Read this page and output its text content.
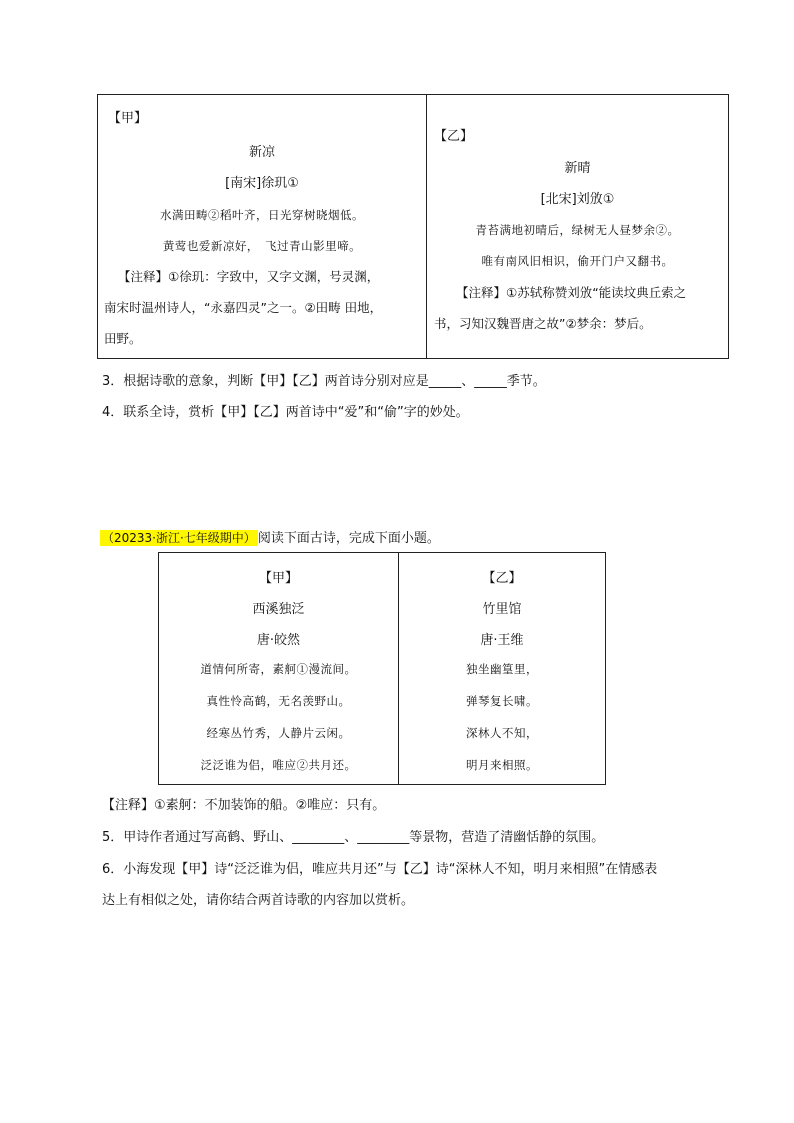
【甲】
新凉
[南宋]徐玑①
水满田畴②稻叶齐，日光穿树晓烟低。
黄莺也爱新凉好，　飞过青山影里啼。
【注释】①徐玑：字致中，又字文渊，号灵渊，
南宋时温州诗人，“永嘉四灵”之一。②田畴 田地，
田野。
【乙】
新晴
[北宋]刘攽①
青苔满地初晴后，绿树无人昼梦余②。
唯有南风旧相识，偷开门户又翻书。
【注释】①苏轼称赞刘攽“能读坟典丘索之
书，习知汉魏晋唐之故”②梦余：梦后。
3．根据诗歌的意象，判断【甲】【乙】两首诗分别对应是_____、_____季节。
4．联系全诗，赏析【甲】【乙】两首诗中“爱”和“偷”字的妙处。
（20233·浙江·七年级期中） 阅读下面古诗，完成下面小题。
【甲】
西溪独泛
唐·皎然
道情何所寄，素舸①漫流间。
真性怜高鹤，无名羡野山。
经寒丛竹秀，人静片云闲。
泛泛谁为侣，唯应②共月还。
【乙】
竹里馆
唐·王维
独坐幽篁里，
弹琴复长啸。
深林人不知，
明月来相照。
【注释】①素舸：不加装饰的船。②唯应：只有。
5．甲诗作者通过写高鹤、野山、________、________等景物，营造了清幽恬静的氛围。
6．小海发现【甲】诗“泛泛谁为侣，唯应共月还”与【乙】诗“深林人不知，明月来相照”在情感表
达上有相似之处，请你结合两首诗歌的内容加以赏析。
